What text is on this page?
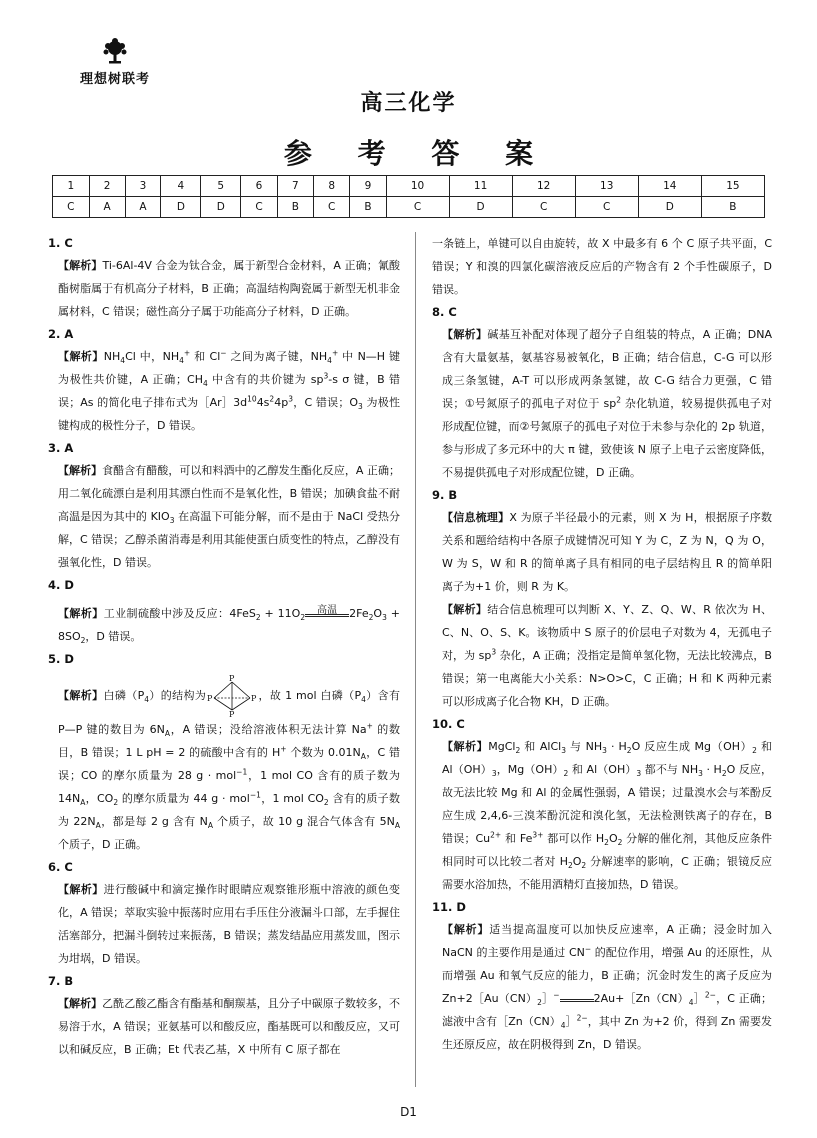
理想树联考
高三化学
参 考 答 案
1	2	3	4	5	6	7	8	9	10	11	12	13	14	15
C	A	A	D	D	C	B	C	B	C	D	C	C	D	B
1. C

【解析】Ti-6Al-4V 合金为钛合金，属于新型合金材料，A 正确；氰酸酯树脂属于有机高分子材料，B 正确；高温结构陶瓷属于新型无机非金属材料，C 错误；磁性高分子属于功能高分子材料，D 正确。

2. A

【解析】$NH_4Cl$ 中，$NH_4^+$ 和 Cl− 之间为离子键，$NH_4^+$ 中 N—H 键为极性共价键，A 正确；$CH_4$ 中含有的共价键为 $sp^3-s$ σ 键，B 错误；As 的简化电子排布式为$[Ar]3d^{10}4s^24p^3$，C 错误；$O_3$ 为极性键构成的极性分子，D 错误。

3. A

【解析】食醋含有醋酸，可以和料酒中的乙醇发生酯化反应，A 正确；用二氧化硫漂白是利用其漂白性而不是氧化性，B 错误；加碘食盐不耐高温是因为其中的 $KIO_3$ 在高温下可能分解，而不是由于 NaCl 受热分解，C 错误；乙醇杀菌消毒是利用其能使蛋白质变性的特点，乙醇没有强氧化性，D 错误。

4. D

【解析】工业制硫酸中涉及反应：$4FeS_2 + 11O_2$
高温	$2Fe_2O_3 + 8SO_2$，D 错误。

5. D

【解析】白磷$(P_4)$的结构为
P
P	P
P
，故 1 mol 白磷$(P_4)$含有 P—P 键的数目为 $6N_A$，A 错误；没给溶液体积无法计算 Na+ 的数目，B 错误；1 L pH = 2 的硫酸中含有的 H+ 个数为 $0.01N_A$，C 错误；CO 的摩尔质量为 28 g · mol$^{-1}$，1 mol CO 含有的质子数为 $14N_A$，$CO_2$ 的摩尔质量为 44 g · mol$^{-1}$，1 mol $CO_2$ 含有的质子数为 $22N_A$，都是每 2 g 含有 $N_A$ 个质子，故 10 g 混合气体含有 $5N_A$ 个质子，D 正确。

6. C

【解析】进行酸碱中和滴定操作时眼睛应观察锥形瓶中溶液的颜色变化，A 错误；萃取实验中振荡时应用右手压住分液漏斗口部，左手握住活塞部分，把漏斗倒转过来振荡，B 错误；蒸发结晶应用蒸发皿，图示为坩埚，D 错误。

7. B

【解析】乙酰乙酸乙酯含有酯基和酮羰基，且分子中碳原子数较多，不易溶于水，A 错误；亚氨基可以和酸反应，酯基既可以和酸反应，又可以和碱反应，B 正确；Et 代表乙基，X 中所有 C 原子都在

一条链上，单键可以自由旋转，故 X 中最多有 6 个 C 原子共平面，C 错误；Y 和溴的四氯化碳溶液反应后的产物含有 2 个手性碳原子，D 错误。

8. C

【解析】碱基互补配对体现了超分子自组装的特点，A 正确；DNA 含有大量氨基，氨基容易被氧化，B 正确；结合信息，C-G 可以形成三条氢键，A-T 可以形成两条氢键，故 C-G 结合力更强，C 错误；①号氮原子的孤电子对位于 $sp^2$ 杂化轨道，较易提供孤电子对形成配位键，而②号氮原子的孤电子对位于未参与杂化的 2p 轨道，参与形成了多元环中的大 π 键，致使该 N 原子上电子云密度降低，不易提供孤电子对形成配位键，D 正确。

9. B

【信息梳理】X 为原子半径最小的元素，则 X 为 H，根据原子序数关系和题给结构中各原子成键情况可知 Y 为 C，Z 为 N，Q 为 O，W 为 S，W 和 R 的简单离子具有相同的电子层结构且 R 的简单阳离子为+1 价，则 R 为 K。

【解析】结合信息梳理可以判断 X、Y、Z、Q、W、R 依次为 H、C、N、O、S、K。该物质中 S 原子的价层电子对数为 4，无孤电子对，为 $sp^3$ 杂化，A 正确；没指定是简单氢化物，无法比较沸点，B 错误；第一电离能大小关系：N>O>C，C 正确；H 和 K 两种元素可以形成离子化合物 KH，D 正确。

10. C

【解析】MgCl$_2$ 和 AlCl$_3$ 与 $NH_3 \cdot H_2O$ 反应生成 $Mg(OH)_2$ 和 $Al(OH)_3$，$Mg(OH)_2$ 和 $Al(OH)_3$ 都不与 $NH_3 \cdot H_2O$ 反应，故无法比较 Mg 和 Al 的金属性强弱，A 错误；过量溴水会与苯酚反应生成 2,4,6-三溴苯酚沉淀和溴化氢，无法检测铁离子的存在，B 错误；$Cu^{2+}$ 和 $Fe^{3+}$ 都可以作 $H_2O_2$ 分解的催化剂，其他反应条件相同时可以比较二者对 $H_2O_2$ 分解速率的影响，C 正确；银镜反应需要水浴加热，不能用酒精灯直接加热，D 错误。

11. D

【解析】适当提高温度可以加快反应速率，A 正确；浸金时加入 NaCN 的主要作用是通过 CN− 的配位作用，增强 Au 的还原性，从而增强 Au 和氧气反应的能力，B 正确；沉金时发生的离子反应为 $Zn+2[Au(CN)_2]^-$	$2Au+[Zn(CN)_4]^{2-}$，C 正确；滤液中含有$[Zn(CN)_4]^{2-}$，其中 Zn 为+2 价，得到 Zn 需要发生还原反应，故在阴极得到 Zn，D 错误。

D1
